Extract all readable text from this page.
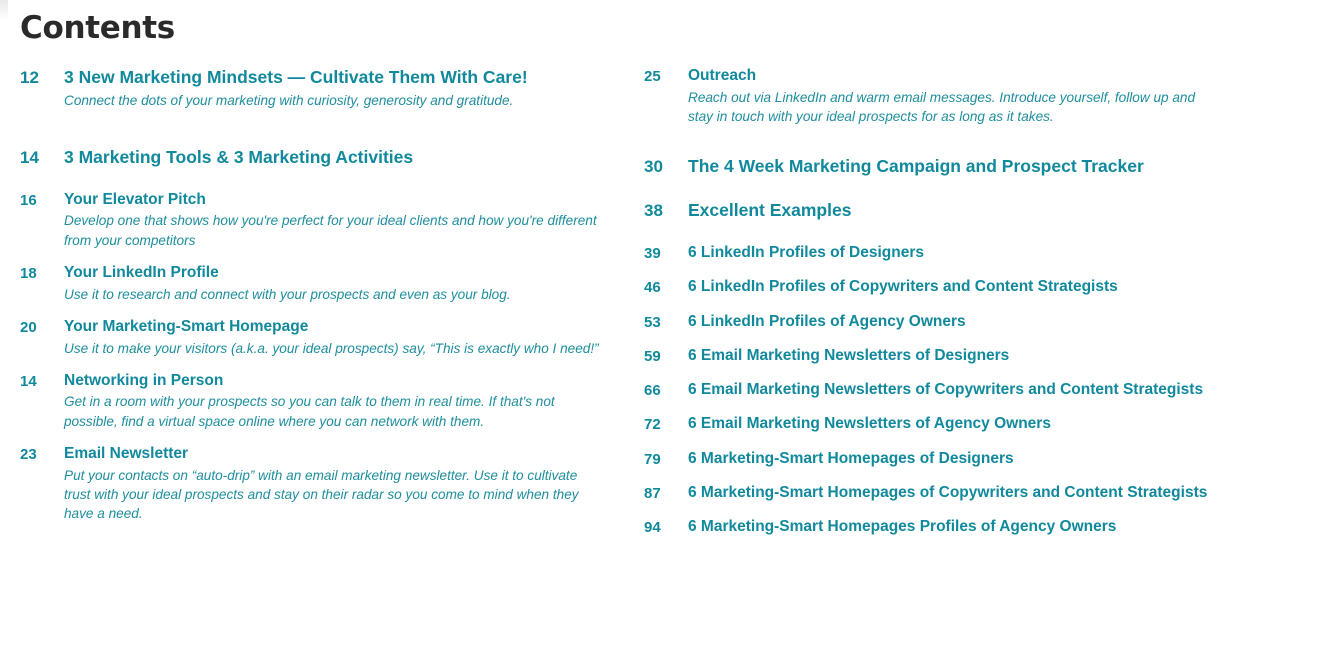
Contents
12	3 New Marketing Mindsets — Cultivate Them With Care!
Connect the dots of your marketing with curiosity, generosity and gratitude.
14	3 Marketing Tools & 3 Marketing Activities
16	Your Elevator Pitch
Develop one that shows how you're perfect for your ideal clients and how you're different from your competitors
18	Your LinkedIn Profile
Use it to research and connect with your prospects and even as your blog.
20	Your Marketing-Smart Homepage
Use it to make your visitors (a.k.a. your ideal prospects) say, “This is exactly who I need!”
14	Networking in Person
Get in a room with your prospects so you can talk to them in real time. If that's not possible, find a virtual space online where you can network with them.
23	Email Newsletter
Put your contacts on “auto-drip” with an email marketing newsletter. Use it to cultivate trust with your ideal prospects and stay on their radar so you come to mind when they have a need.
25	Outreach
Reach out via LinkedIn and warm email messages. Introduce yourself, follow up and stay in touch with your ideal prospects for as long as it takes.
30	The 4 Week Marketing Campaign and Prospect Tracker
38	Excellent Examples
39	6 LinkedIn Profiles of Designers
46	6 LinkedIn Profiles of Copywriters and Content Strategists
53	6 LinkedIn Profiles of Agency Owners
59	6 Email Marketing Newsletters of Designers
66	6 Email Marketing Newsletters of Copywriters and Content Strategists
72	6 Email Marketing Newsletters of Agency Owners
79	6 Marketing-Smart Homepages of Designers
87	6 Marketing-Smart Homepages of Copywriters and Content Strategists
94	6 Marketing-Smart Homepages Profiles of Agency Owners
